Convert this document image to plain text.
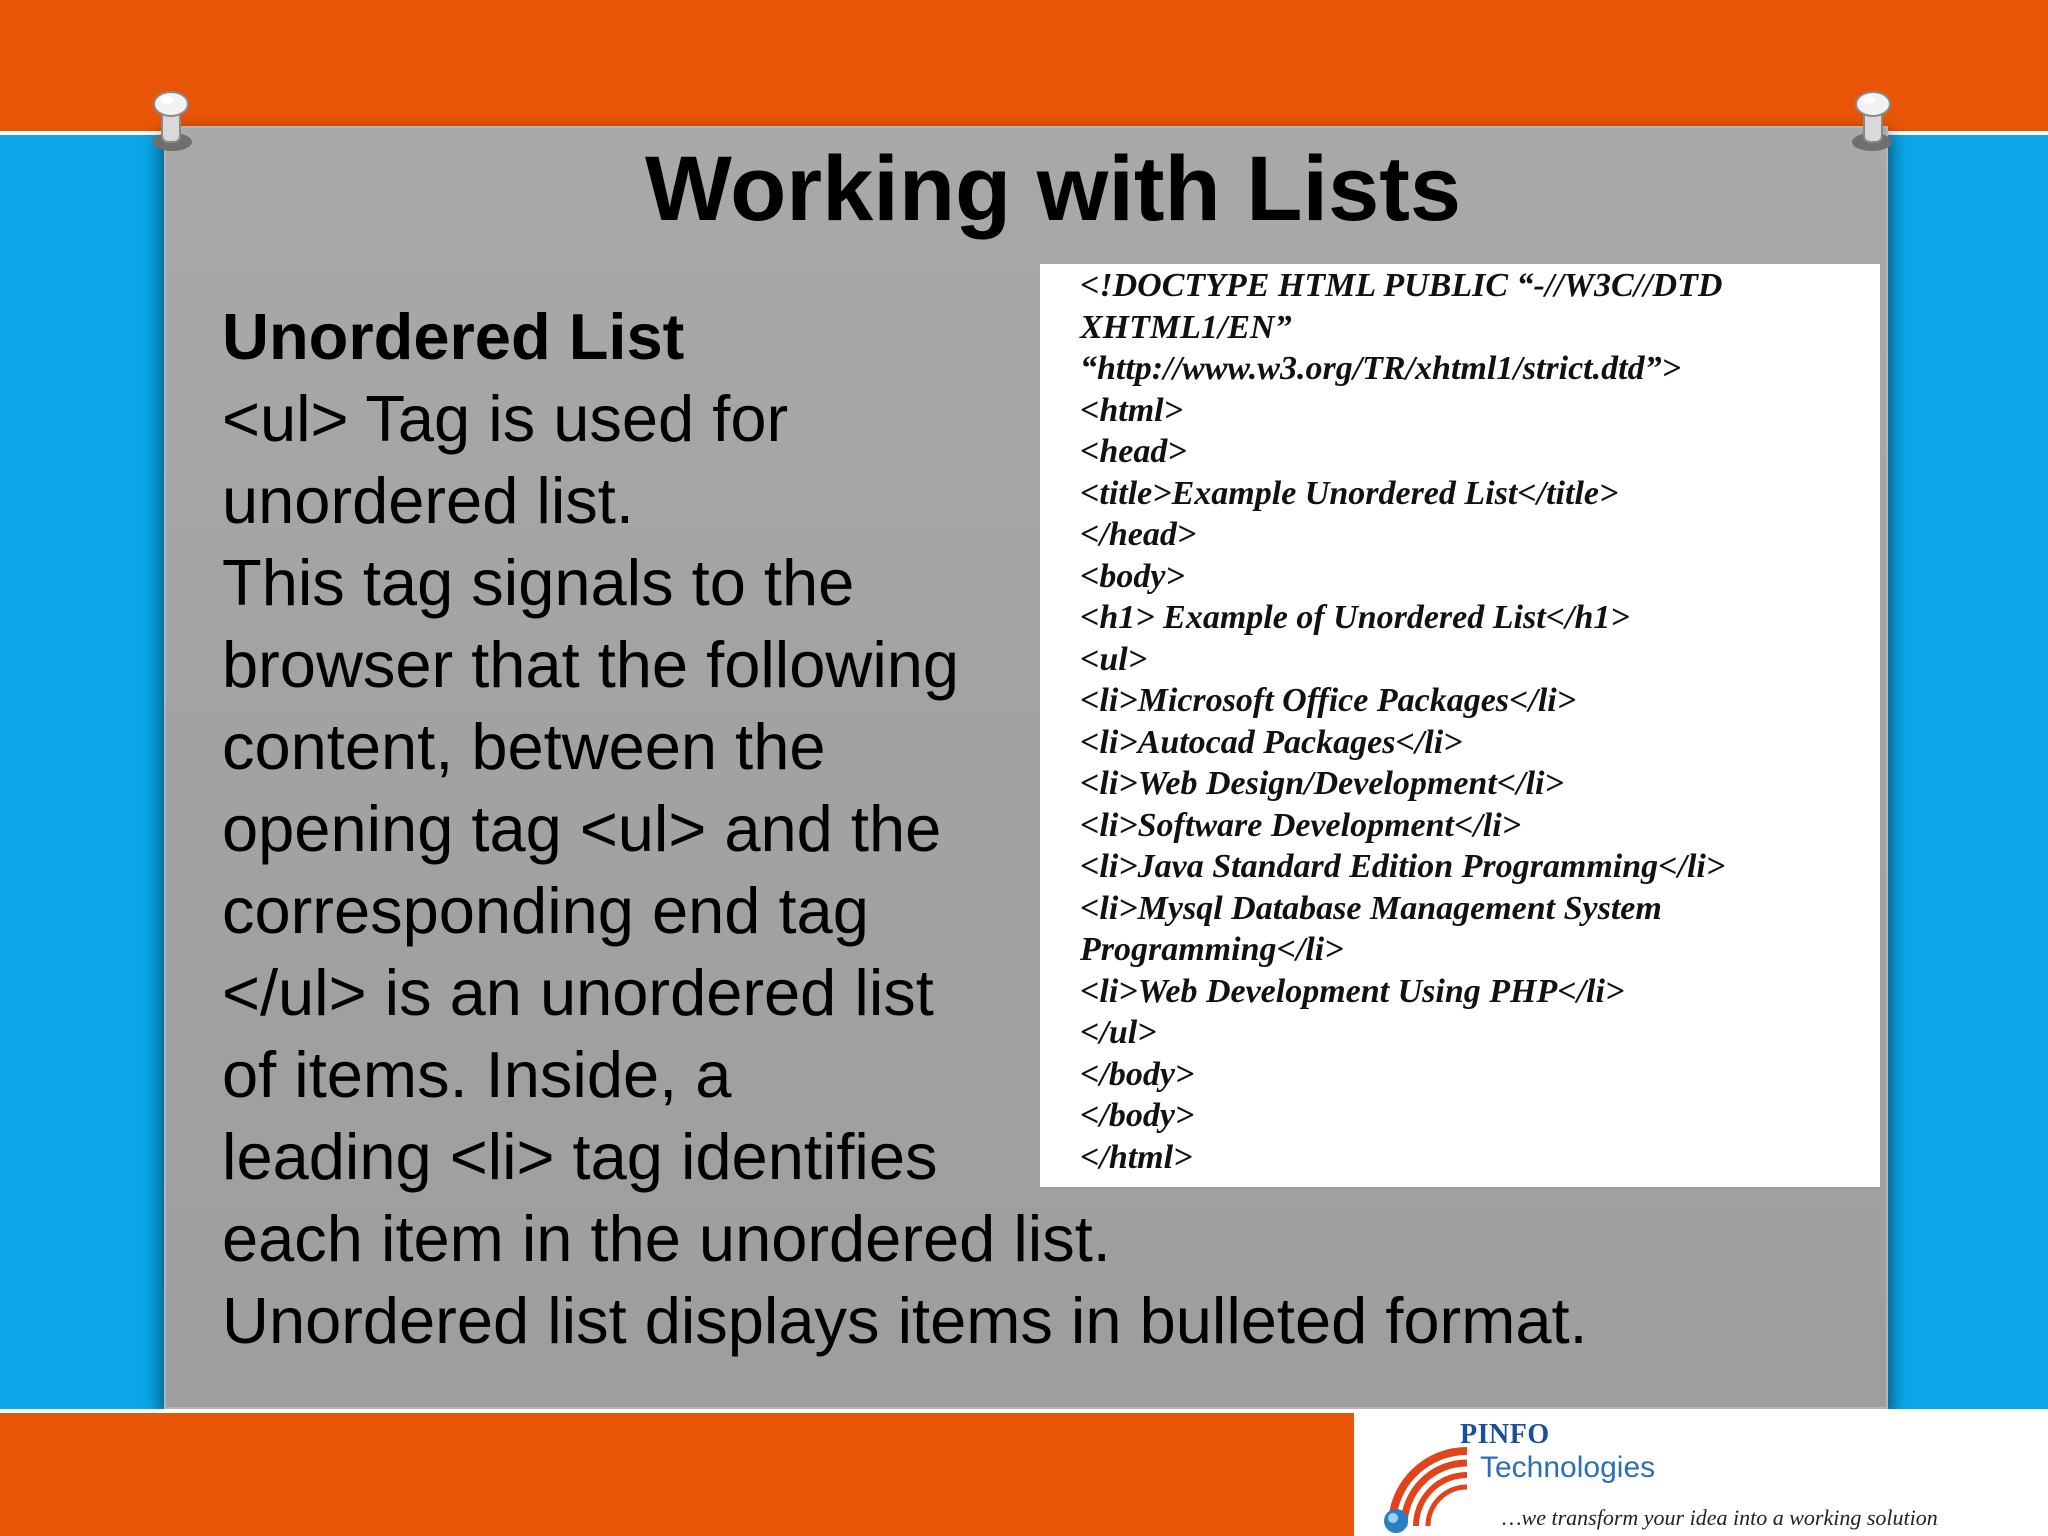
Working with Lists
Unordered List
<ul> Tag is used for
unordered list.
This tag signals to the
browser that the following
content, between the
opening tag <ul> and the
corresponding end tag
</ul> is an unordered list
of items. Inside, a
leading <li> tag identifies
each item in the unordered list.
Unordered list displays items in bulleted format.
<!DOCTYPE HTML PUBLIC “-//W3C//DTD
XHTML1/EN”
“http://www.w3.org/TR/xhtml1/strict.dtd”>
<html>
<head>
<title>Example Unordered List</title>
</head>
<body>
<h1> Example of Unordered List</h1>
<ul>
<li>Microsoft Office Packages</li>
<li>Autocad Packages</li>
<li>Web Design/Development</li>
<li>Software Development</li>
<li>Java Standard Edition Programming</li>
<li>Mysql Database Management System
Programming</li>
<li>Web Development Using PHP</li>
</ul>
</body>
</body>
</html>
PINFO
Technologies
…we transform your idea into a working solution
